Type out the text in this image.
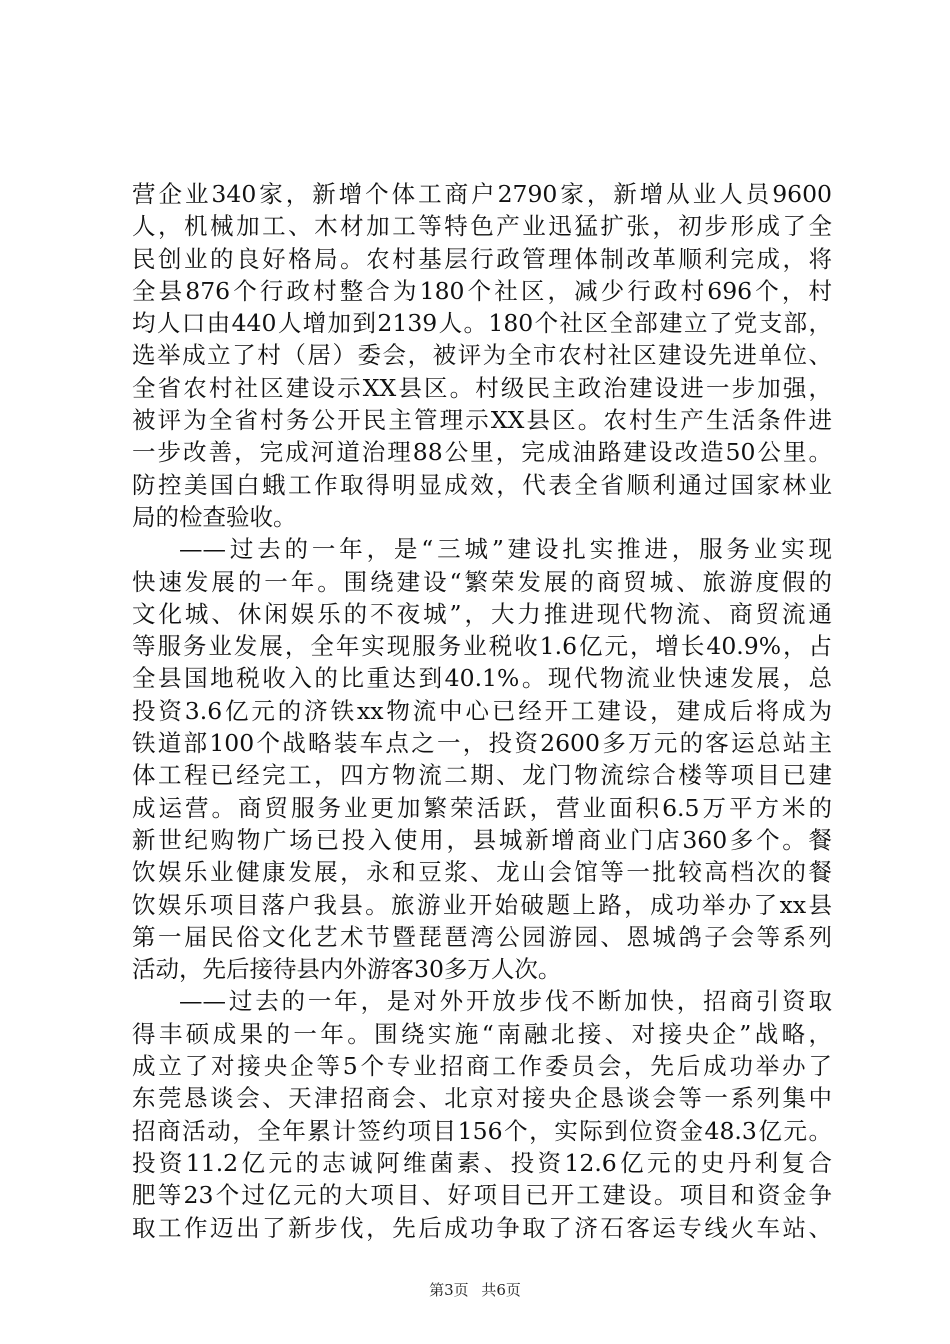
营企业340家，新增个体工商户2790家，新增从业人员9600
人，机械加工、木材加工等特色产业迅猛扩张，初步形成了全
民创业的良好格局。农村基层行政管理体制改革顺利完成，将
全县876个行政村整合为180个社区，减少行政村696个，村
均人口由440人增加到2139人。180个社区全部建立了党支部，
选举成立了村（居）委会，被评为全市农村社区建设先进单位、
全省农村社区建设示XX县区。村级民主政治建设进一步加强，
被评为全省村务公开民主管理示XX县区。农村生产生活条件进
一步改善，完成河道治理88公里，完成油路建设改造50公里。
防控美国白蛾工作取得明显成效，代表全省顺利通过国家林业
局的检查验收。
——过去的一年，是“三城”建设扎实推进，服务业实现
快速发展的一年。围绕建设“繁荣发展的商贸城、旅游度假的
文化城、休闲娱乐的不夜城”，大力推进现代物流、商贸流通
等服务业发展，全年实现服务业税收1.6亿元，增长40.9%，占
全县国地税收入的比重达到40.1%。现代物流业快速发展，总
投资3.6亿元的济铁xx物流中心已经开工建设，建成后将成为
铁道部100个战略装车点之一，投资2600多万元的客运总站主
体工程已经完工，四方物流二期、龙门物流综合楼等项目已建
成运营。商贸服务业更加繁荣活跃，营业面积6.5万平方米的
新世纪购物广场已投入使用，县城新增商业门店360多个。餐
饮娱乐业健康发展，永和豆浆、龙山会馆等一批较高档次的餐
饮娱乐项目落户我县。旅游业开始破题上路，成功举办了xx县
第一届民俗文化艺术节暨琵琶湾公园游园、恩城鸽子会等系列
活动，先后接待县内外游客30多万人次。
——过去的一年，是对外开放步伐不断加快，招商引资取
得丰硕成果的一年。围绕实施“南融北接、对接央企”战略，
成立了对接央企等5个专业招商工作委员会，先后成功举办了
东莞恳谈会、天津招商会、北京对接央企恳谈会等一系列集中
招商活动，全年累计签约项目156个，实际到位资金48.3亿元。
投资11.2亿元的志诚阿维菌素、投资12.6亿元的史丹利复合
肥等23个过亿元的大项目、好项目已开工建设。项目和资金争
取工作迈出了新步伐，先后成功争取了济石客运专线火车站、
第3页 共6页
